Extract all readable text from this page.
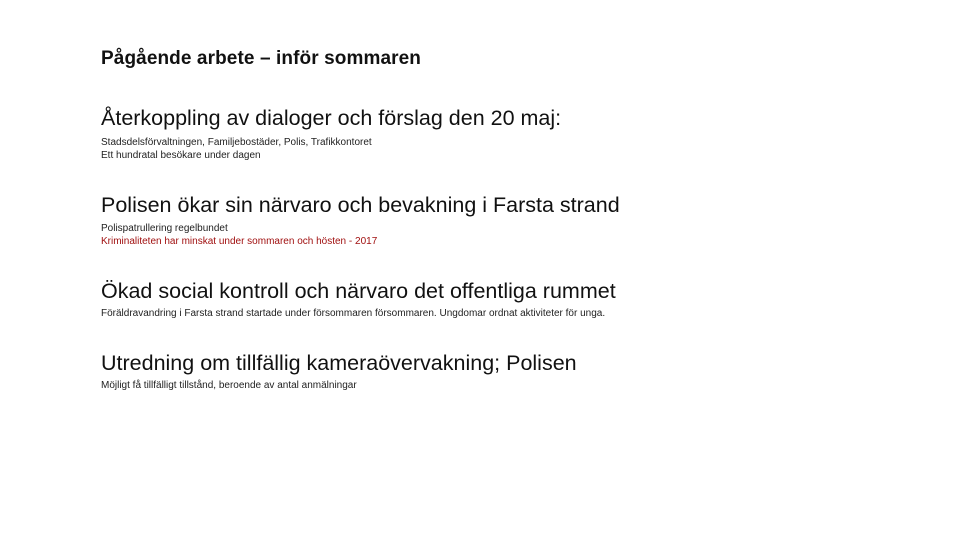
Pågående arbete – inför sommaren
Återkoppling av dialoger och förslag den 20 maj:
Stadsdelsförvaltningen, Familjebostäder, Polis, Trafikkontoret
Ett hundratal besökare under dagen
Polisen ökar sin närvaro och bevakning i Farsta strand
Polispatrullering regelbundet
Kriminaliteten har minskat under sommaren och hösten - 2017
Ökad social kontroll och närvaro det offentliga rummet
Föräldravandring i Farsta strand startade under försommaren försommaren. Ungdomar ordnat aktiviteter för unga.
Utredning om tillfällig kameraövervakning; Polisen
Möjligt få tillfälligt tillstånd, beroende av antal anmälningar
